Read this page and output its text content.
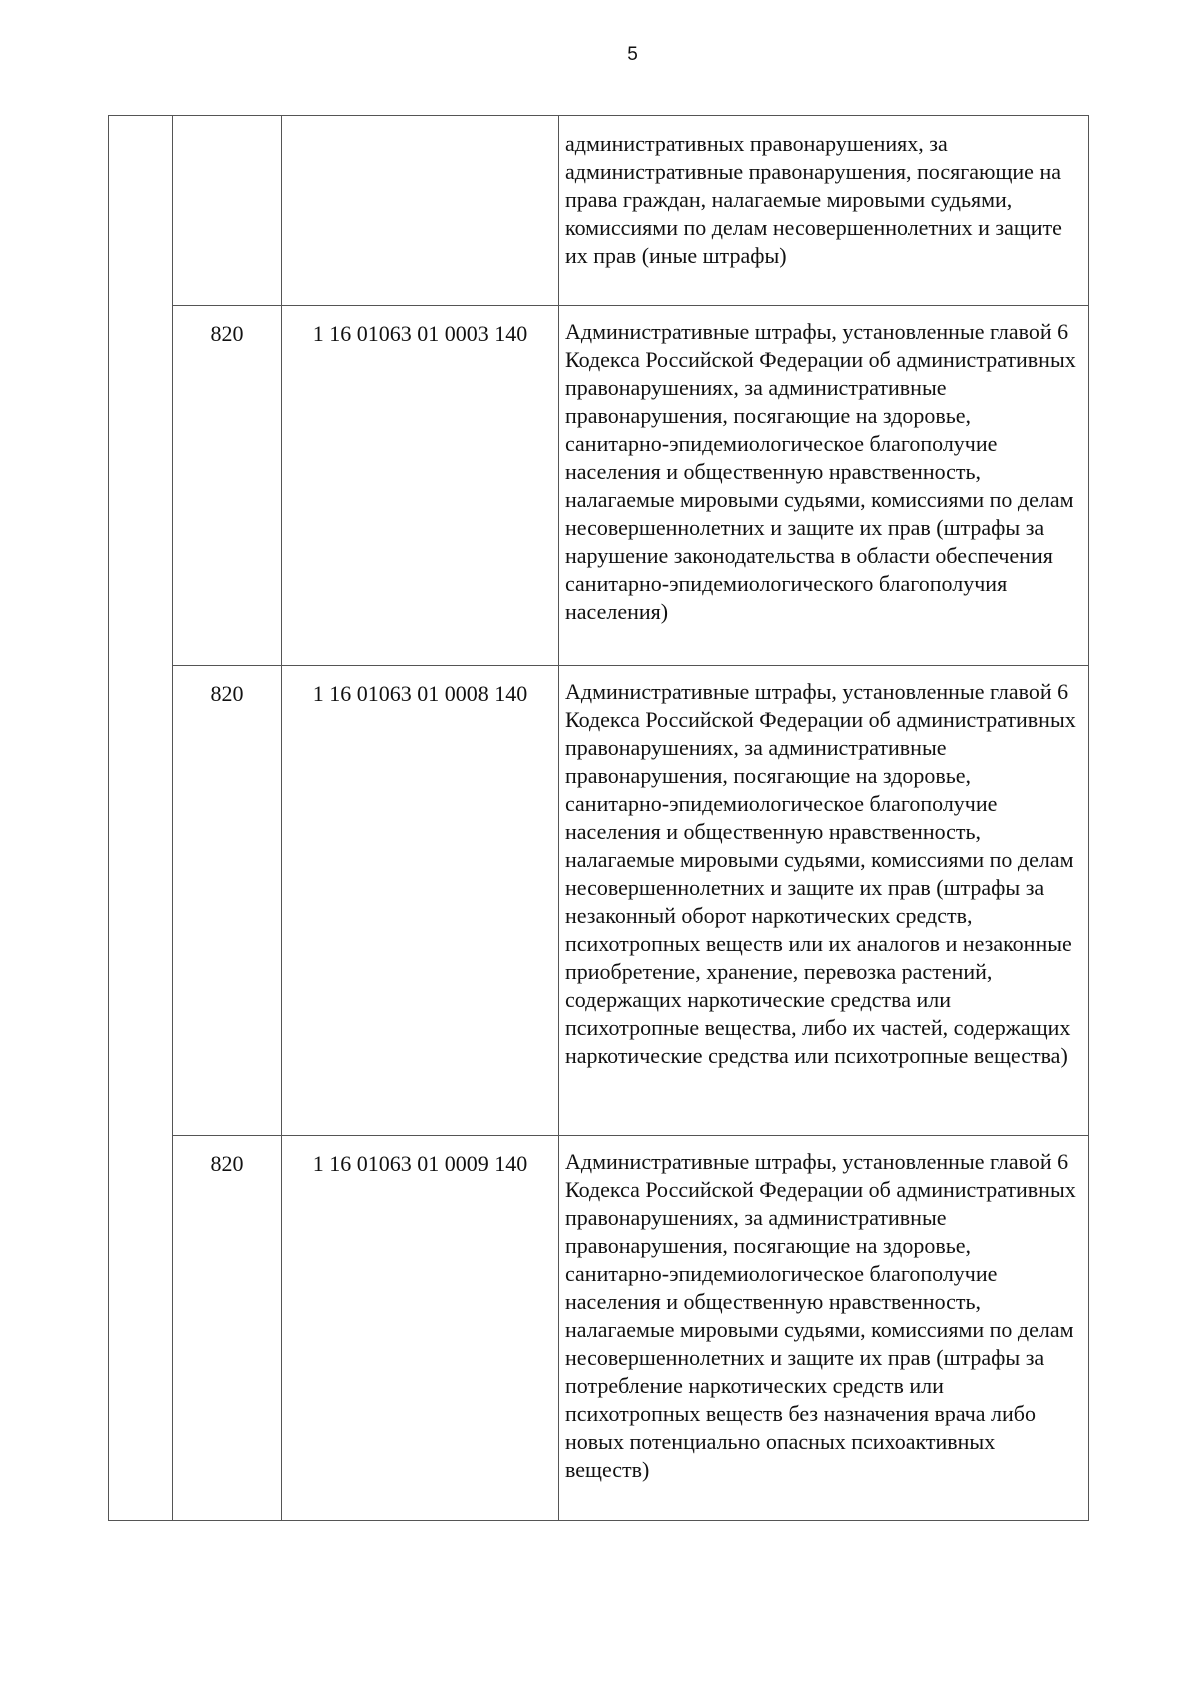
5
			административных правонарушениях, за административные правонарушения, посягающие на права граждан, налагаемые мировыми судьями, комиссиями по делам несовершеннолетних и защите их прав (иные штрафы)
	820	1 16 01063 01 0003 140	Административные штрафы, установленные главой 6 Кодекса Российской Федерации об административных правонарушениях, за административные правонарушения, посягающие на здоровье, санитарно-эпидемиологическое благополучие населения и общественную нравственность, налагаемые мировыми судьями, комиссиями по делам несовершеннолетних и защите их прав (штрафы за нарушение законодательства в области обеспечения санитарно-эпидемиологического благополучия населения)
	820	1 16 01063 01 0008 140	Административные штрафы, установленные главой 6 Кодекса Российской Федерации об административных правонарушениях, за административные правонарушения, посягающие на здоровье, санитарно-эпидемиологическое благополучие населения и общественную нравственность, налагаемые мировыми судьями, комиссиями по делам несовершеннолетних и защите их прав (штрафы за незаконный оборот наркотических средств, психотропных веществ или их аналогов и незаконные приобретение, хранение, перевозка растений, содержащих наркотические средства или психотропные вещества, либо их частей, содержащих наркотические средства или психотропные вещества)
	820	1 16 01063 01 0009 140	Административные штрафы, установленные главой 6 Кодекса Российской Федерации об административных правонарушениях, за административные правонарушения, посягающие на здоровье, санитарно-эпидемиологическое благополучие населения и общественную нравственность, налагаемые мировыми судьями, комиссиями по делам несовершеннолетних и защите их прав (штрафы за потребление наркотических средств или психотропных веществ без назначения врача либо новых потенциально опасных психоактивных веществ)
